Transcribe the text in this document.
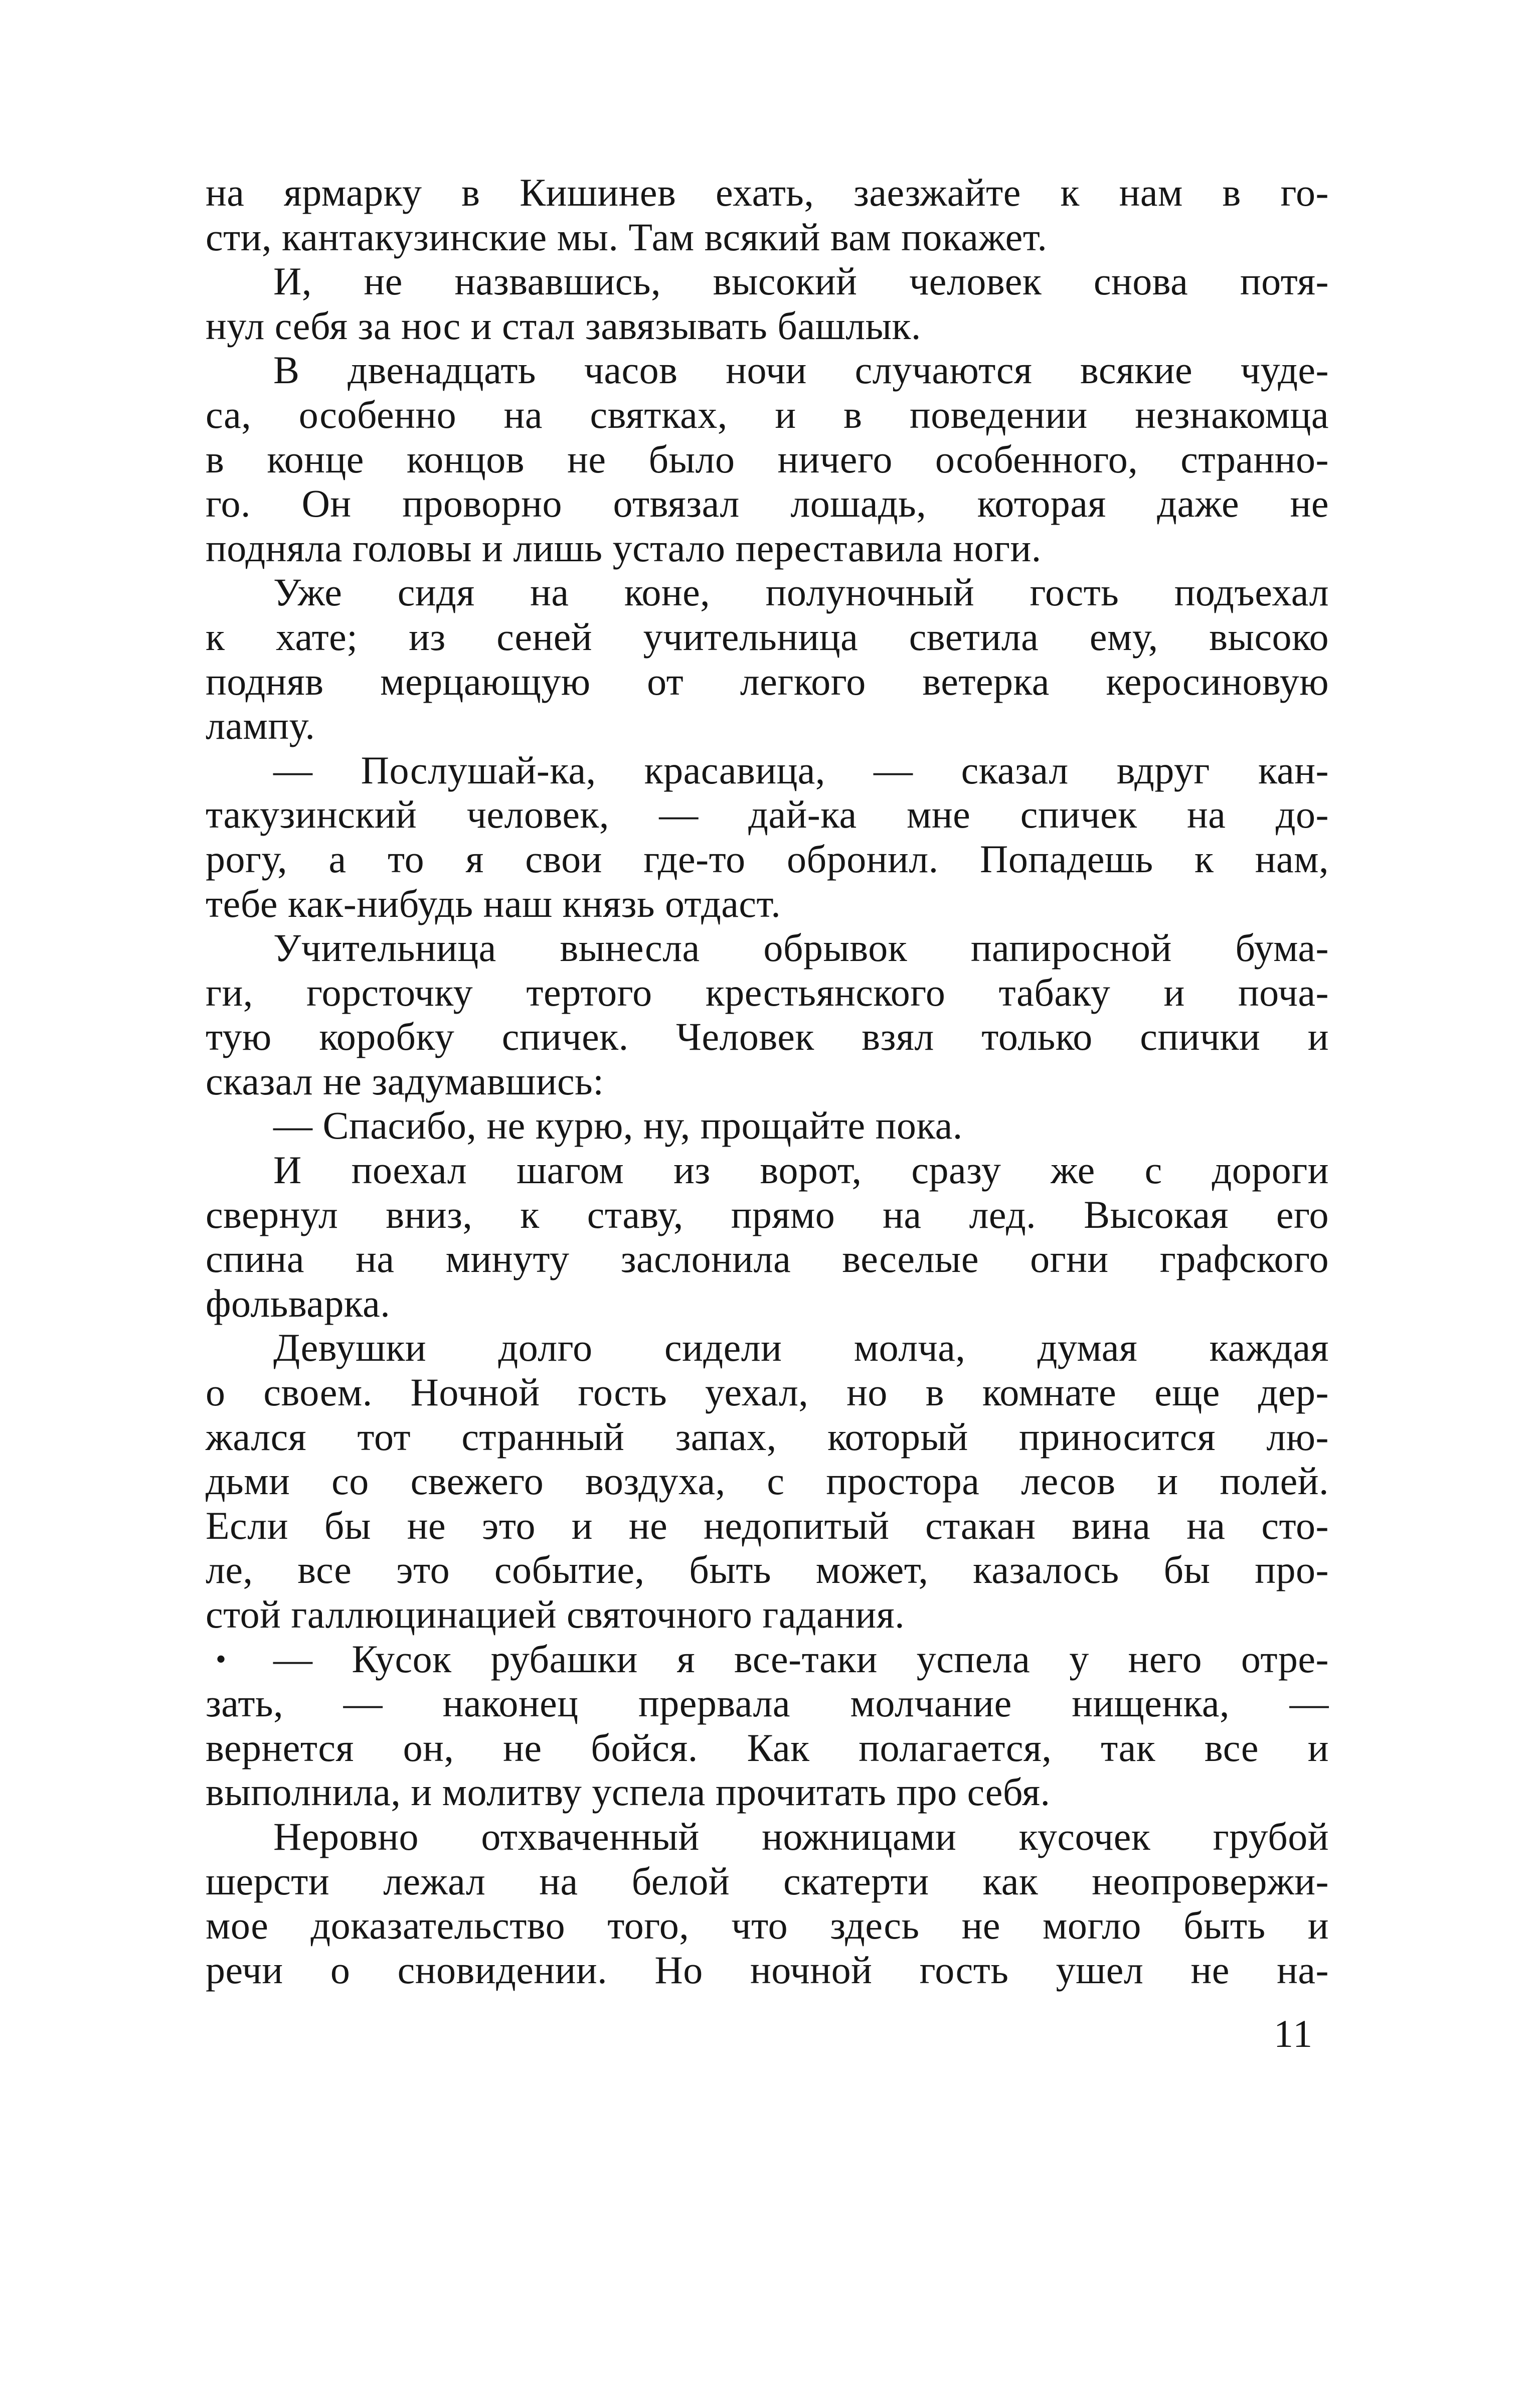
на ярмарку в Кишинев ехать, заезжайте к нам в го-
сти, кантакузинские мы. Там всякий вам покажет.
И, не назвавшись, высокий человек снова потя-
нул себя за нос и стал завязывать башлык.
В двенадцать часов ночи случаются всякие чуде-
са, особенно на святках, и в поведении незнакомца
в конце концов не было ничего особенного, странно-
го. Он проворно отвязал лошадь, которая даже не
подняла головы и лишь устало переставила ноги.
Уже сидя на коне, полуночный гость подъехал
к хате; из сеней учительница светила ему, высоко
подняв мерцающую от легкого ветерка керосиновую
лампу.
— Послушай-ка, красавица, — сказал вдруг кан-
такузинский человек, — дай-ка мне спичек на до-
рогу, а то я свои где-то обронил. Попадешь к нам,
тебе как-нибудь наш князь отдаст.
Учительница вынесла обрывок папиросной бума-
ги, горсточку тертого крестьянского табаку и поча-
тую коробку спичек. Человек взял только спички и
сказал не задумавшись:
— Спасибо, не курю, ну, прощайте пока.
И поехал шагом из ворот, сразу же с дороги
свернул вниз, к ставу, прямо на лед. Высокая его
спина на минуту заслонила веселые огни графского
фольварка.
Девушки долго сидели молча, думая каждая
о своем. Ночной гость уехал, но в комнате еще дер-
жался тот странный запах, который приносится лю-
дьми со свежего воздуха, с простора лесов и полей.
Если бы не это и не недопитый стакан вина на сто-
ле, все это событие, быть может, казалось бы про-
стой галлюцинацией святочного гадания.
• — Кусок рубашки я все-таки успела у него отре-
зать, — наконец прервала молчание нищенка, —
вернется он, не бойся. Как полагается, так все и
выполнила, и молитву успела прочитать про себя.
Неровно отхваченный ножницами кусочек грубой
шерсти лежал на белой скатерти как неопровержи-
мое доказательство того, что здесь не могло быть и
речи о сновидении. Но ночной гость ушел не на-
11
